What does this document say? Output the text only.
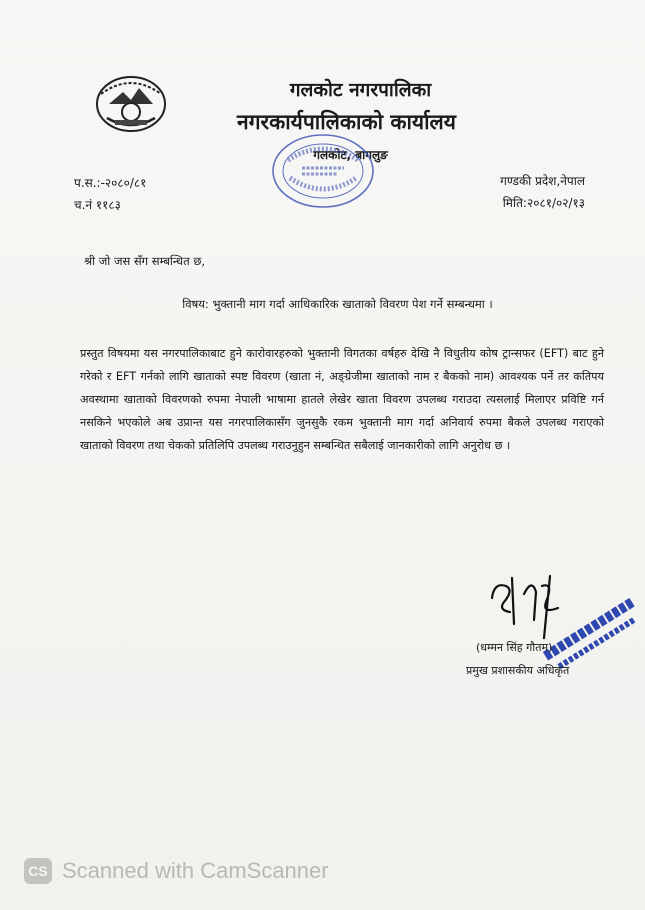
गलकोट नगरपालिका
नगरकार्यपालिकाको कार्यालय
गलकोट, बागलुङ
प.स.:-२०८०/८१
च.नं ११८३
गण्डकी प्रदेश,नेपाल
मिति:२०८१/०२/१३
श्री जो जस सँग सम्बन्धित छ,
विषय: भुक्तानी माग गर्दा आधिकारिक खाताको विवरण पेश गर्ने सम्बन्धमा ।
प्रस्तुत विषयमा यस नगरपालिकाबाट हुने कारोवारहरुको भुक्तानी विगतका वर्षहरु देखि नै विधुतीय कोष ट्रान्सफर (EFT) बाट हुने गरेको र EFT गर्नको लागि खाताको स्पष्ट विवरण (खाता नं, अङ्ग्रेजीमा खाताको नाम र बैकको नाम) आवश्यक पर्ने तर कतिपय अवस्थामा खाताको विवरणको रुपमा नेपाली भाषामा हातले लेखेर खाता विवरण उपलब्ध गराउदा त्यसलाई मिलाएर प्रविष्टि गर्न नसकिने भएकोले अब उप्रान्त यस नगरपालिकासँग जुनसुकै रकम भुक्तानी माग गर्दा अनिवार्य रुपमा बैकले उपलब्ध गराएको खाताको विवरण तथा चेकको प्रतिलिपि उपलब्ध गराउनुहुन सम्बन्धित सबैलाई जानकारीको लागि अनुरोध छ ।
(धम्मन सिंह गौतम)
प्रमुख प्रशासकीय अधिकृत
CS Scanned with CamScanner
